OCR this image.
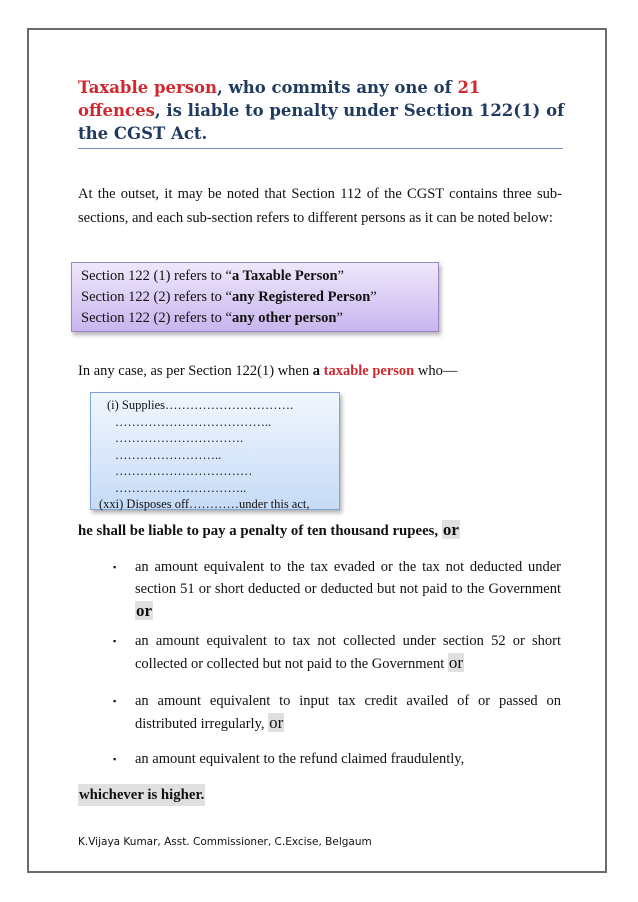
Taxable person, who commits any one of 21 offences, is liable to penalty under Section 122(1) of the CGST Act.
At the outset, it may be noted that Section 112 of the CGST contains three sub-sections, and each sub-section refers to different persons as it can be noted below:
Section 122 (1) refers to “a Taxable Person”
Section 122 (2) refers to “any Registered Person”
Section 122 (2) refers to “any other person”
In any case, as per Section 122(1) when a taxable person who––
(i) Supplies………………………….
………………………………..
………………………….
……………………..
……………………………
…………………………..
(xxi) Disposes off…………under this act,
he shall be liable to pay a penalty of ten thousand rupees, or
▪ an amount equivalent to the tax evaded or the tax not deducted under section 51 or short deducted or deducted but not paid to the Government or
▪ an amount equivalent to tax not collected under section 52 or short collected or collected but not paid to the Government or
▪ an amount equivalent to input tax credit availed of or passed on distributed irregularly, or
▪ an amount equivalent to the refund claimed fraudulently,
whichever is higher.
K.Vijaya Kumar, Asst. Commissioner, C.Excise, Belgaum
